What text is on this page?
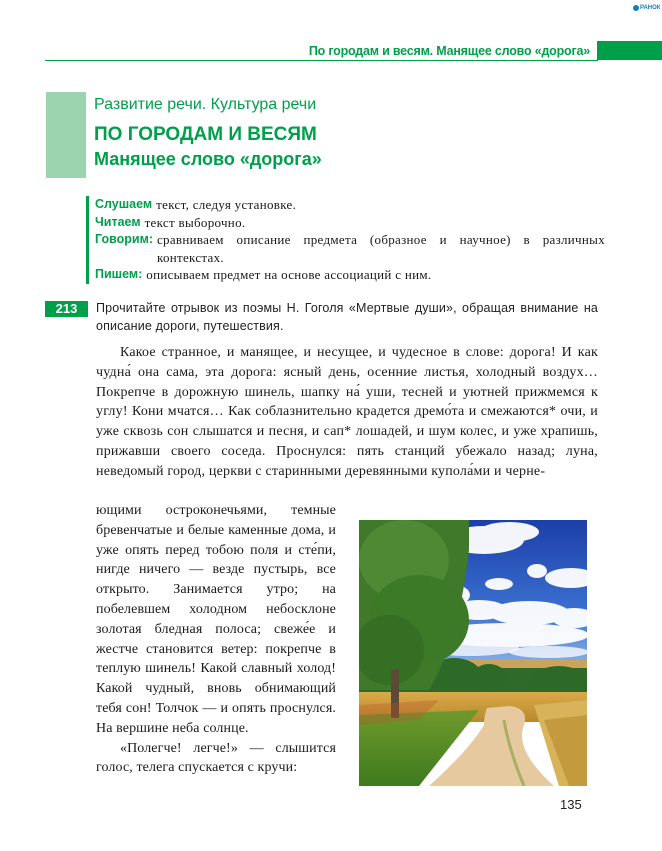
РАНОК
По городам и весям. Манящее слово «дорога»
Развитие речи. Культура речи
ПО ГОРОДАМ И ВЕСЯМ
Манящее слово «дорога»
Слушаем текст, следуя установке.
Читаем текст выборочно.
Говорим: сравниваем описание предмета (образное и научное) в различных контекстах.
Пишем: описываем предмет на основе ассоциаций с ним.
213	Прочитайте отрывок из поэмы Н. Гоголя «Мертвые души», обращая внимание на описание дороги, путешествия.

Какое странное, и манящее, и несущее, и чудесное в слове: дорога! И как чудна́ она сама, эта дорога: ясный день, осенние листья, холодный воздух… Покрепче в дорожную шинель, шапку на́ уши, тесней и уютней прижмемся к углу! Кони мчатся… Как соблазнительно крадется дремо́та и смежаются* очи, и уже сквозь сон слышатся и песня, и сап* лошадей, и шум колес, и уже храпишь, прижавши своего соседа. Проснулся: пять станций убежало назад; луна, неведомый город, церкви с старинными деревянными купола́ми и черне-

ющими остроконечьями, темные бревенчатые и белые каменные дома, и уже опять перед тобою поля и сте́пи, нигде ничего — везде пустырь, все открыто. Занимается утро; на побелевшем холодном небосклоне золотая бледная полоса; свеже́е и жестче становится ветер: покрепче в теплую шинель! Какой славный холод! Какой чудный, вновь обнимающий тебя сон! Толчок — и опять проснулся. На вершине неба солнце.

«Полегче! легче!» — слышится голос, телега спускается с кручи:

135
